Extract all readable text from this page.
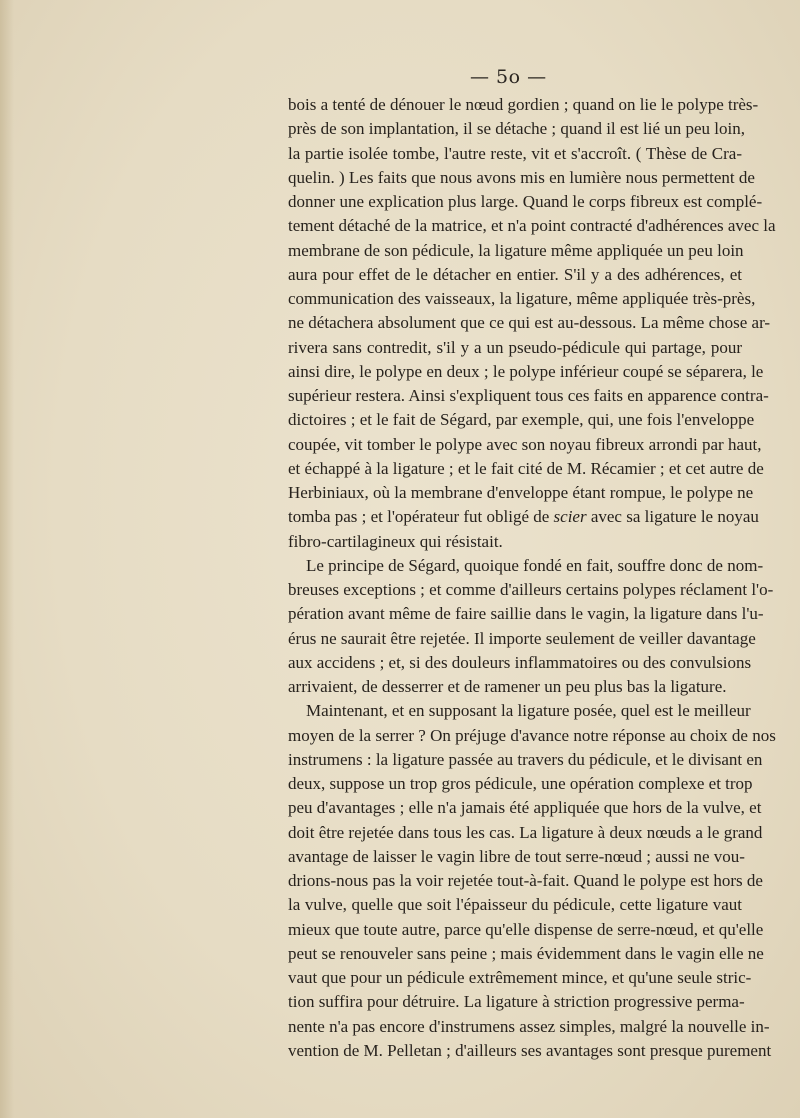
— 5o —
bois a tenté de dénouer le nœud gordien ; quand on lie le polype très-
près de son implantation, il se détache ; quand il est lié un peu loin,
la partie isolée tombe, l'autre reste, vit et s'accroît. ( Thèse de Cra-
quelin. ) Les faits que nous avons mis en lumière nous permettent de
donner une explication plus large. Quand le corps fibreux est complé-
tement détaché de la matrice, et n'a point contracté d'adhérences avec la
membrane de son pédicule, la ligature même appliquée un peu loin
aura pour effet de le détacher en entier. S'il y a des adhérences, et
communication des vaisseaux, la ligature, même appliquée très-près,
ne détachera absolument que ce qui est au-dessous. La même chose ar-
rivera sans contredit, s'il y a un pseudo-pédicule qui partage, pour
ainsi dire, le polype en deux ; le polype inférieur coupé se séparera, le
supérieur restera. Ainsi s'expliquent tous ces faits en apparence contra-
dictoires ; et le fait de Ségard, par exemple, qui, une fois l'enveloppe
coupée, vit tomber le polype avec son noyau fibreux arrondi par haut,
et échappé à la ligature ; et le fait cité de M. Récamier ; et cet autre de
Herbiniaux, où la membrane d'enveloppe étant rompue, le polype ne
tomba pas ; et l'opérateur fut obligé de scier avec sa ligature le noyau
fibro-cartilagineux qui résistait.
Le principe de Ségard, quoique fondé en fait, souffre donc de nom-
breuses exceptions ; et comme d'ailleurs certains polypes réclament l'o-
pération avant même de faire saillie dans le vagin, la ligature dans l'u-
érus ne saurait être rejetée. Il importe seulement de veiller davantage
aux accidens ; et, si des douleurs inflammatoires ou des convulsions
arrivaient, de desserrer et de ramener un peu plus bas la ligature.
Maintenant, et en supposant la ligature posée, quel est le meilleur
moyen de la serrer ? On préjuge d'avance notre réponse au choix de nos
instrumens : la ligature passée au travers du pédicule, et le divisant en
deux, suppose un trop gros pédicule, une opération complexe et trop
peu d'avantages ; elle n'a jamais été appliquée que hors de la vulve, et
doit être rejetée dans tous les cas. La ligature à deux nœuds a le grand
avantage de laisser le vagin libre de tout serre-nœud ; aussi ne vou-
drions-nous pas la voir rejetée tout-à-fait. Quand le polype est hors de
la vulve, quelle que soit l'épaisseur du pédicule, cette ligature vaut
mieux que toute autre, parce qu'elle dispense de serre-nœud, et qu'elle
peut se renouveler sans peine ; mais évidemment dans le vagin elle ne
vaut que pour un pédicule extrêmement mince, et qu'une seule stric-
tion suffira pour détruire. La ligature à striction progressive perma-
nente n'a pas encore d'instrumens assez simples, malgré la nouvelle in-
vention de M. Pelletan ; d'ailleurs ses avantages sont presque purement
